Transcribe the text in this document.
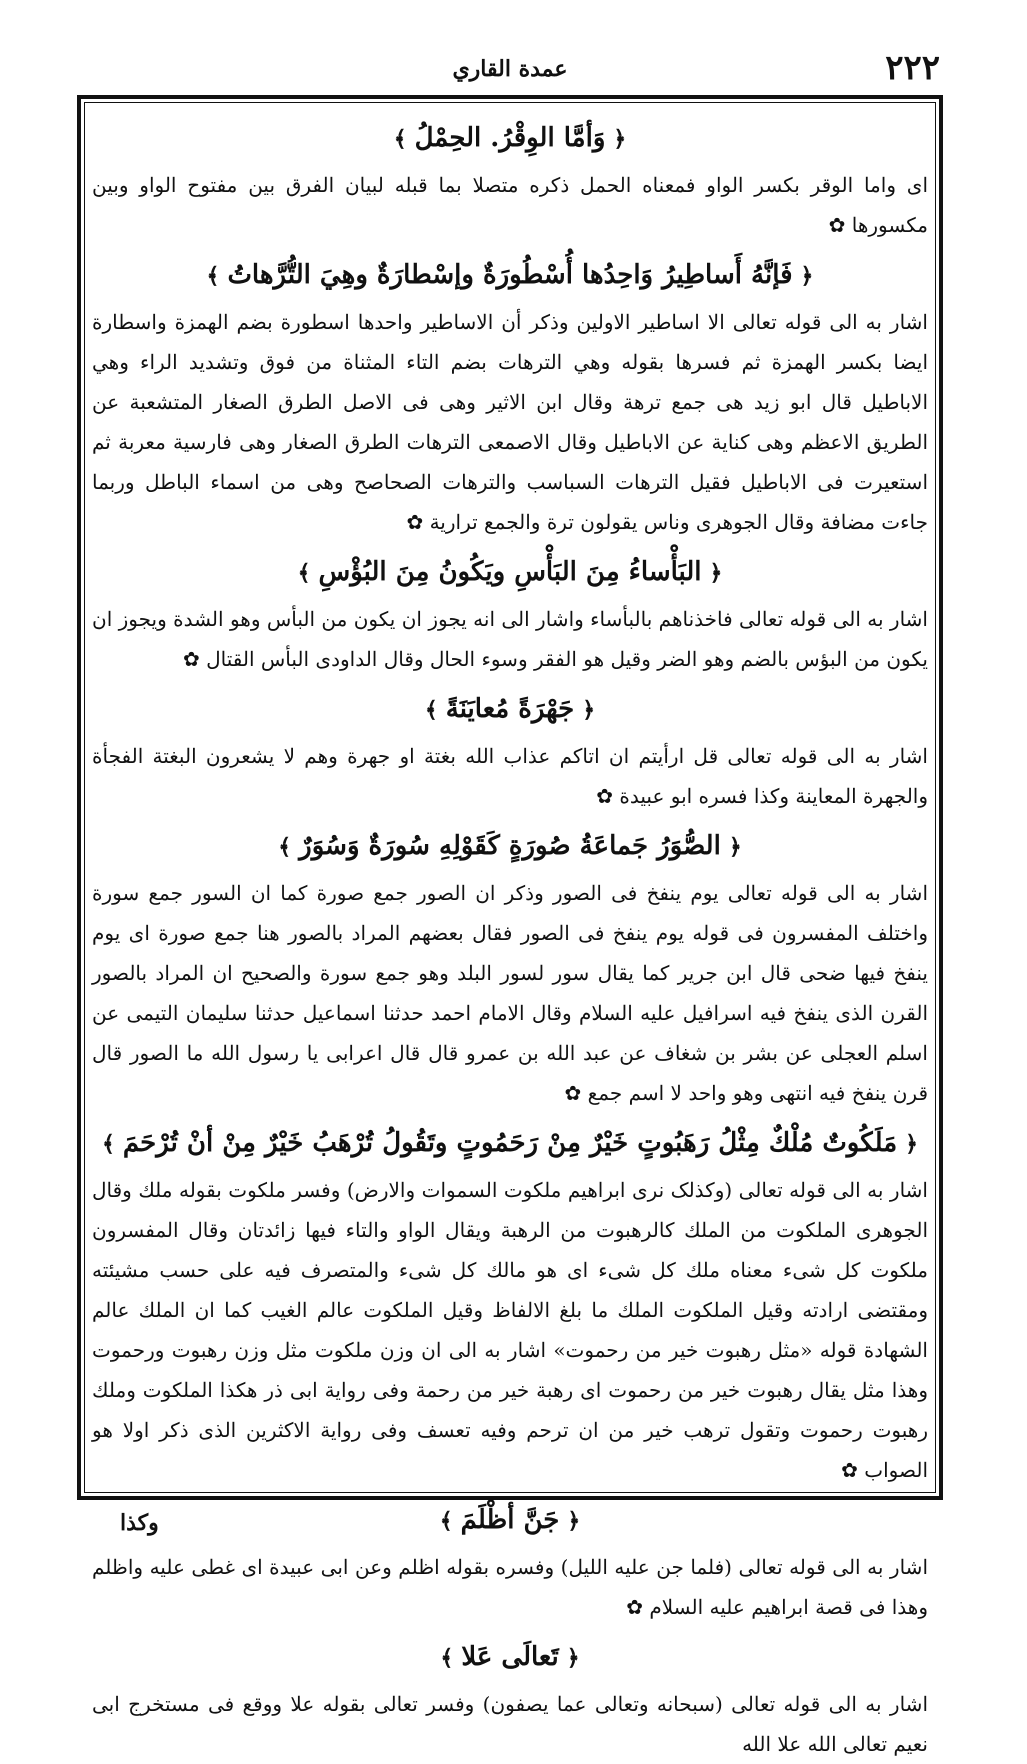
٢٢٢
عمدة القاري
﴿وَأمَّا الوِقْرُ. الحِمْلُ﴾

ای واما الوقر بکسر الواو فمعناه الحمل ذکره متصلا بما قبله لبیان الفرق بین مفتوح الواو وبین مکسورها ✿

﴿فَإنَّهُ أَساطِيرُ وَاحِدُها أُسْطُورَةٌ وإسْطارَةٌ وهِيَ التُّرَّهاتُ﴾

اشار به الی قوله تعالی الا اساطیر الاولین وذکر أن الاساطیر واحدها اسطورة بضم الهمزة واسطارة ایضا بکسر الهمزة ثم فسرها بقوله وهي الترهات بضم التاء المثناة من فوق وتشدید الراء وهي الاباطیل قال ابو زید هی جمع ترهة وقال ابن الاثیر وهی فی الاصل الطرق الصغار المتشعبة عن الطریق الاعظم وهی کنایة عن الاباطیل وقال الاصمعی الترهات الطرق الصغار وهی فارسیة معربة ثم استعیرت فی الاباطیل فقیل الترهات السباسب والترهات الصحاصح وهی من اسماء الباطل وربما جاءت مضافة وقال الجوهری وناس یقولون ترة والجمع ترارية ✿

﴿البَأْساءُ مِنَ البَأْسِ ويَكُونُ مِنَ البُؤْسِ﴾

اشار به الی قوله تعالی فاخذناهم بالبأساء واشار الی انه یجوز ان یکون من البأس وهو الشدة ویجوز ان یکون من البؤس بالضم وهو الضر وقیل هو الفقر وسوء الحال وقال الداودی البأس القتال ✿

﴿جَهْرَةً مُعايَنَةً﴾

اشار به الی قوله تعالی قل ارأیتم ان اتاکم عذاب الله بغتة او جهرة وهم لا یشعرون البغتة الفجأة والجهرة المعاینة وکذا فسره ابو عبیدة ✿

﴿الصُّوَرُ جَماعَةُ صُورَةٍ كَقَوْلِهِ سُورَةٌ وَسُوَرٌ﴾

اشار به الی قوله تعالی یوم ینفخ فی الصور وذکر ان الصور جمع صورة کما ان السور جمع سورة واختلف المفسرون فی قوله یوم ینفخ فی الصور فقال بعضهم المراد بالصور هنا جمع صورة ای یوم ینفخ فیها ضحی قال ابن جریر کما یقال سور لسور البلد وهو جمع سورة والصحیح ان المراد بالصور القرن الذی ینفخ فیه اسرافیل علیه السلام وقال الامام احمد حدثنا اسماعیل حدثنا سلیمان التیمی عن اسلم العجلی عن بشر بن شغاف عن عبد الله بن عمرو قال قال اعرابی یا رسول الله ما الصور قال قرن ینفخ فیه انتهی وهو واحد لا اسم جمع ✿

﴿مَلَكُوتٌ مُلْكٌ مِثْلُ رَهَبُوتٍ خَيْرٌ مِنْ رَحَمُوتٍ وتَقُولُ تُرْهَبُ خَيْرٌ مِنْ أنْ تُرْحَمَ﴾

اشار به الی قوله تعالی (وکذلک نری ابراهیم ملکوت السموات والارض) وفسر ملکوت بقوله ملك وقال الجوهری الملکوت من الملك کالرهبوت من الرهبة ویقال الواو والتاء فیها زائدتان وقال المفسرون ملکوت کل شیء معناه ملك کل شیء ای هو مالك کل شیء والمتصرف فیه علی حسب مشیئته ومقتضی ارادته وقیل الملکوت الملك ما بلغ الالفاظ وقیل الملکوت عالم الغیب کما ان الملك عالم الشهادة قوله «مثل رهبوت خیر من رحموت» اشار به الی ان وزن ملکوت مثل وزن رهبوت ورحموت وهذا مثل یقال رهبوت خیر من رحموت ای رهبة خیر من رحمة وفی روایة ابی ذر هکذا الملکوت وملك رهبوت رحموت وتقول ترهب خیر من ان ترحم وفیه تعسف وفی روایة الاکثرین الذی ذکر اولا هو الصواب ✿

﴿جَنَّ أظْلَمَ﴾

اشار به الی قوله تعالی (فلما جن علیه اللیل) وفسره بقوله اظلم وعن ابی عبیدة ای غطی علیه واظلم وهذا فی قصة ابراهیم علیه السلام ✿

﴿تَعالَى عَلا﴾

اشار به الی قوله تعالی (سبحانه وتعالی عما یصفون) وفسر تعالی بقوله علا ووقع فی مستخرج ابی نعیم تعالی الله علا الله

وكذا
